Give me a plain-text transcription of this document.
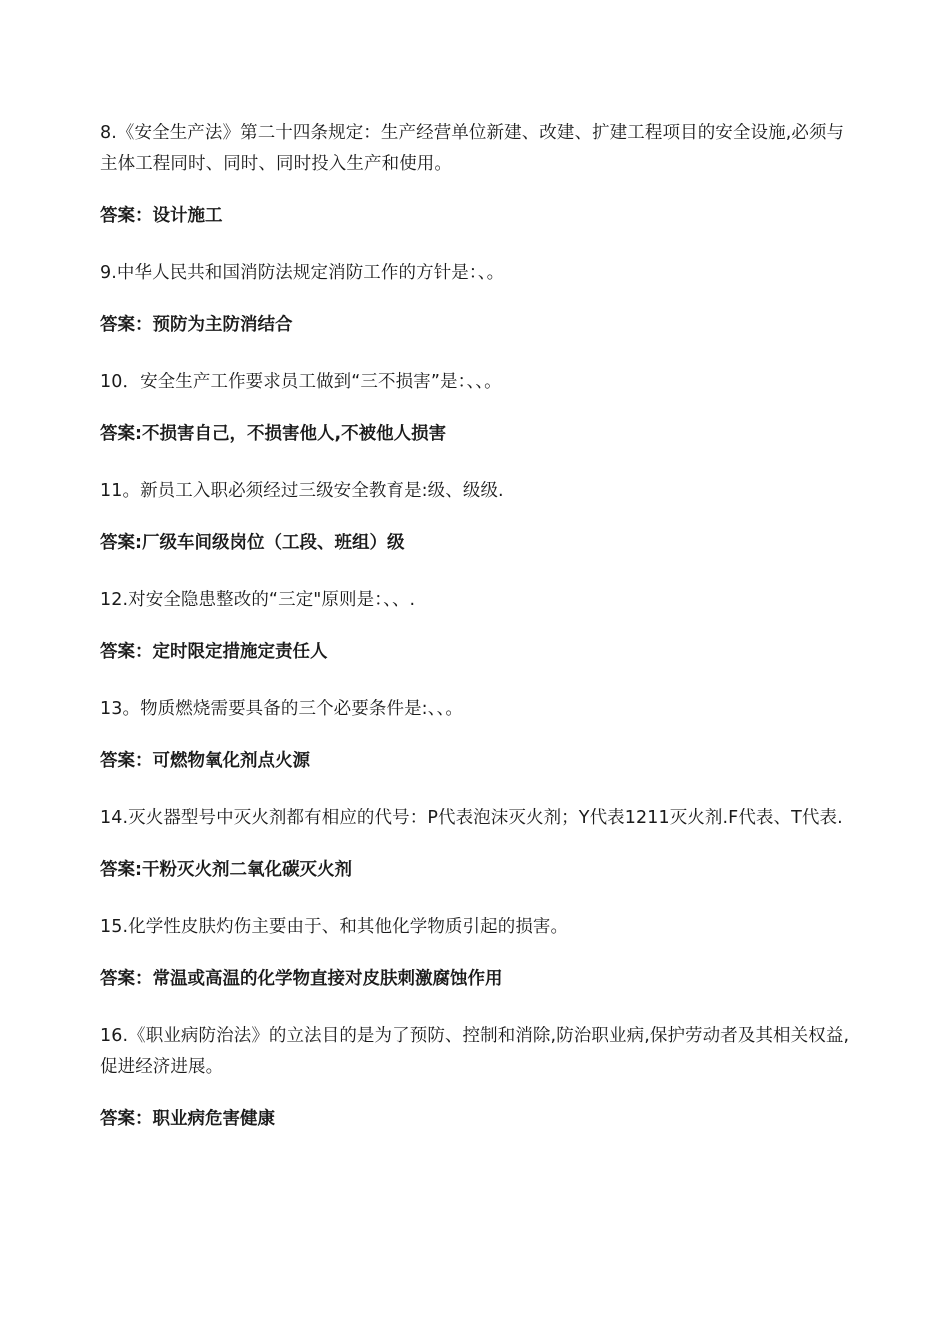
8.《安全生产法》第二十四条规定：生产经营单位新建、改建、扩建工程项目的安全设施,必须与主体工程同时、同时、同时投入生产和使用。

答案：设计施工

9.中华人民共和国消防法规定消防工作的方针是：、。

答案：预防为主防消结合

10．安全生产工作要求员工做到“三不损害”是：、、。

答案:不损害自己，不损害他人,不被他人损害

11。新员工入职必须经过三级安全教育是:级、级级.

答案:厂级车间级岗位（工段、班组）级

12.对安全隐患整改的“三定"原则是：、、.

答案：定时限定措施定责任人

13。物质燃烧需要具备的三个必要条件是:、、。

答案：可燃物氧化剂点火源

14.灭火器型号中灭火剂都有相应的代号：P代表泡沫灭火剂；Y代表1211灭火剂.F代表、T代表.

答案:干粉灭火剂二氧化碳灭火剂

15.化学性皮肤灼伤主要由于、和其他化学物质引起的损害。

答案：常温或高温的化学物直接对皮肤刺激腐蚀作用

16.《职业病防治法》的立法目的是为了预防、控制和消除,防治职业病,保护劳动者及其相关权益,促进经济进展。

答案：职业病危害健康
